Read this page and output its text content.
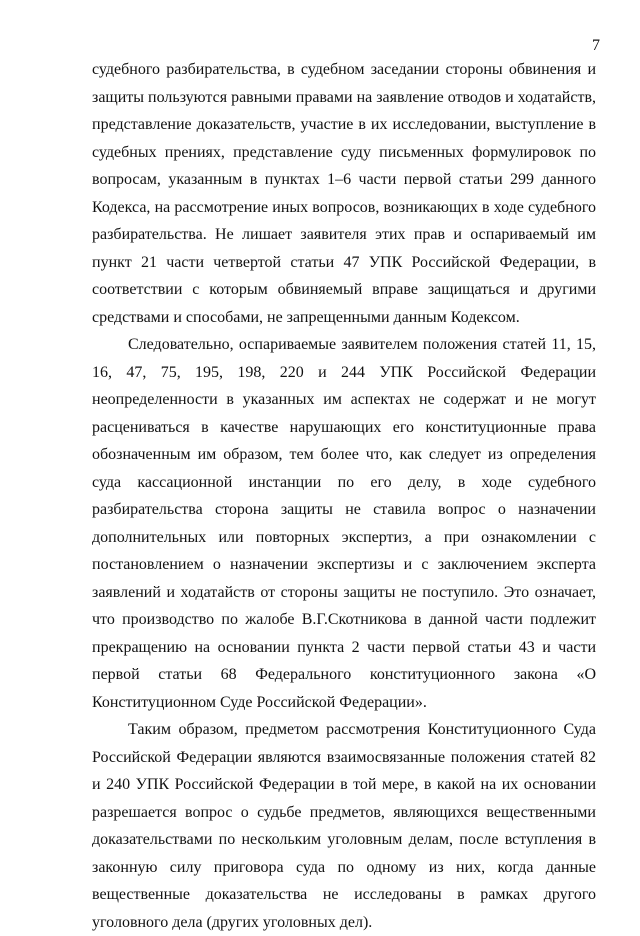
7

судебного разбирательства, в судебном заседании стороны обвинения и защиты пользуются равными правами на заявление отводов и ходатайств, представление доказательств, участие в их исследовании, выступление в судебных прениях, представление суду письменных формулировок по вопросам, указанным в пунктах 1–6 части первой статьи 299 данного Кодекса, на рассмотрение иных вопросов, возникающих в ходе судебного разбирательства. Не лишает заявителя этих прав и оспариваемый им пункт 21 части четвертой статьи 47 УПК Российской Федерации, в соответствии с которым обвиняемый вправе защищаться и другими средствами и способами, не запрещенными данным Кодексом.

Следовательно, оспариваемые заявителем положения статей 11, 15, 16, 47, 75, 195, 198, 220 и 244 УПК Российской Федерации неопределенности в указанных им аспектах не содержат и не могут расцениваться в качестве нарушающих его конституционные права обозначенным им образом, тем более что, как следует из определения суда кассационной инстанции по его делу, в ходе судебного разбирательства сторона защиты не ставила вопрос о назначении дополнительных или повторных экспертиз, а при ознакомлении с постановлением о назначении экспертизы и с заключением эксперта заявлений и ходатайств от стороны защиты не поступило. Это означает, что производство по жалобе В.Г.Скотникова в данной части подлежит прекращению на основании пункта 2 части первой статьи 43 и части первой статьи 68 Федерального конституционного закона «О Конституционном Суде Российской Федерации».

Таким образом, предметом рассмотрения Конституционного Суда Российской Федерации являются взаимосвязанные положения статей 82 и 240 УПК Российской Федерации в той мере, в какой на их основании разрешается вопрос о судьбе предметов, являющихся вещественными доказательствами по нескольким уголовным делам, после вступления в законную силу приговора суда по одному из них, когда данные вещественные доказательства не исследованы в рамках другого уголовного дела (других уголовных дел).
